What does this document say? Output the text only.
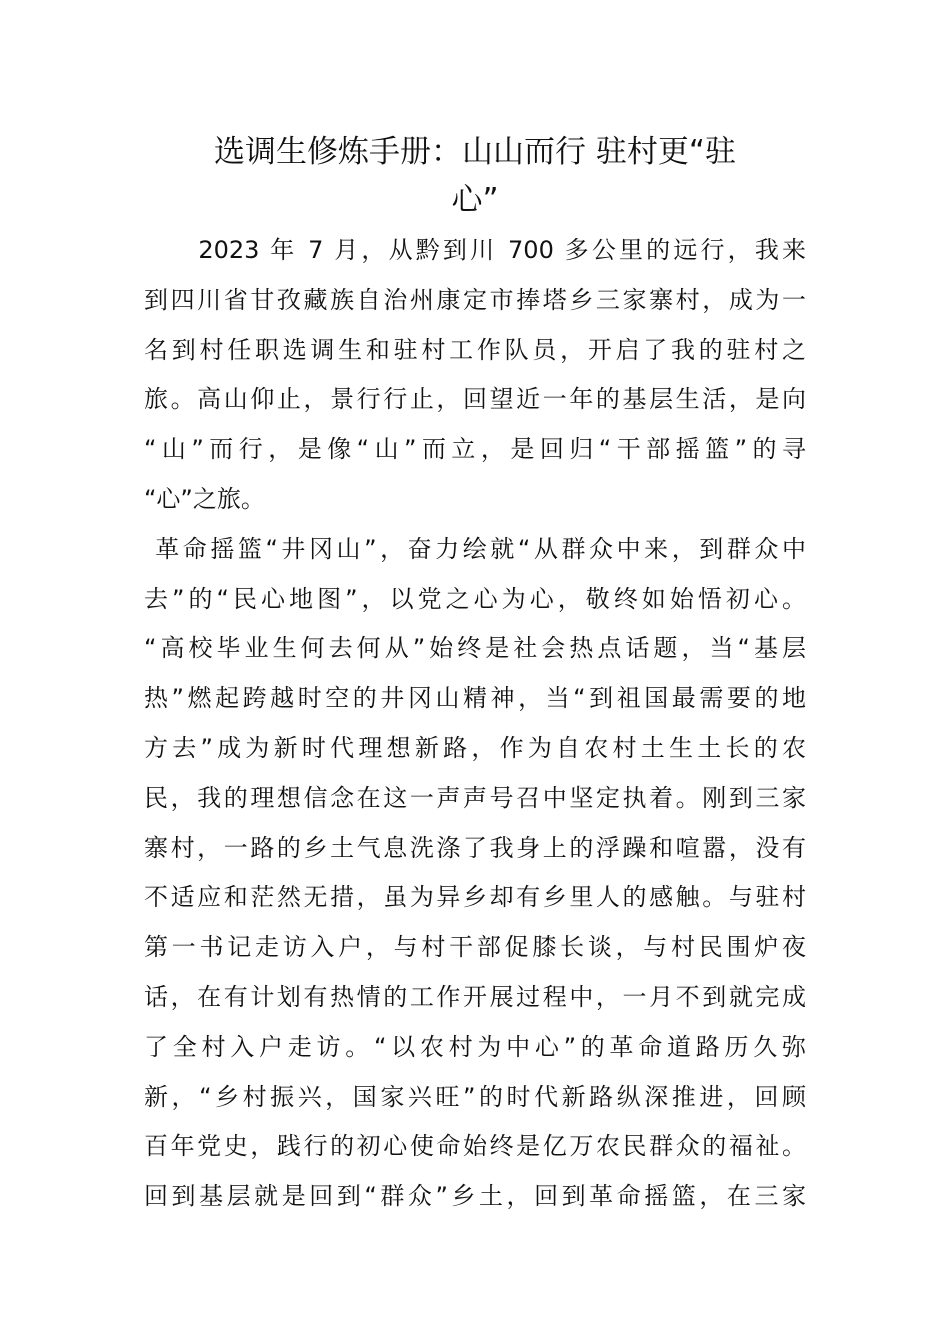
选调生修炼手册：山山而行 驻村更“驻
心”
　　2023 年 7 月，从黔到川 700 多公里的远行，我来
到四川省甘孜藏族自治州康定市捧塔乡三家寨村，成为一
名到村任职选调生和驻村工作队员，开启了我的驻村之
旅。高山仰止，景行行止，回望近一年的基层生活，是向
“山”而行，是像“山”而立，是回归“干部摇篮”的寻
“心”之旅。
革命摇篮“井冈山”，奋力绘就“从群众中来，到群众中
去”的“民心地图”，以党之心为心，敬终如始悟初心。
“高校毕业生何去何从”始终是社会热点话题，当“基层
热”燃起跨越时空的井冈山精神，当“到祖国最需要的地
方去”成为新时代理想新路，作为自农村土生土长的农
民，我的理想信念在这一声声号召中坚定执着。刚到三家
寨村，一路的乡土气息洗涤了我身上的浮躁和喧嚣，没有
不适应和茫然无措，虽为异乡却有乡里人的感触。与驻村
第一书记走访入户，与村干部促膝长谈，与村民围炉夜
话，在有计划有热情的工作开展过程中，一月不到就完成
了全村入户走访。“以农村为中心”的革命道路历久弥
新，“乡村振兴，国家兴旺”的时代新路纵深推进，回顾
百年党史，践行的初心使命始终是亿万农民群众的福祉。
回到基层就是回到“群众”乡土，回到革命摇篮，在三家
